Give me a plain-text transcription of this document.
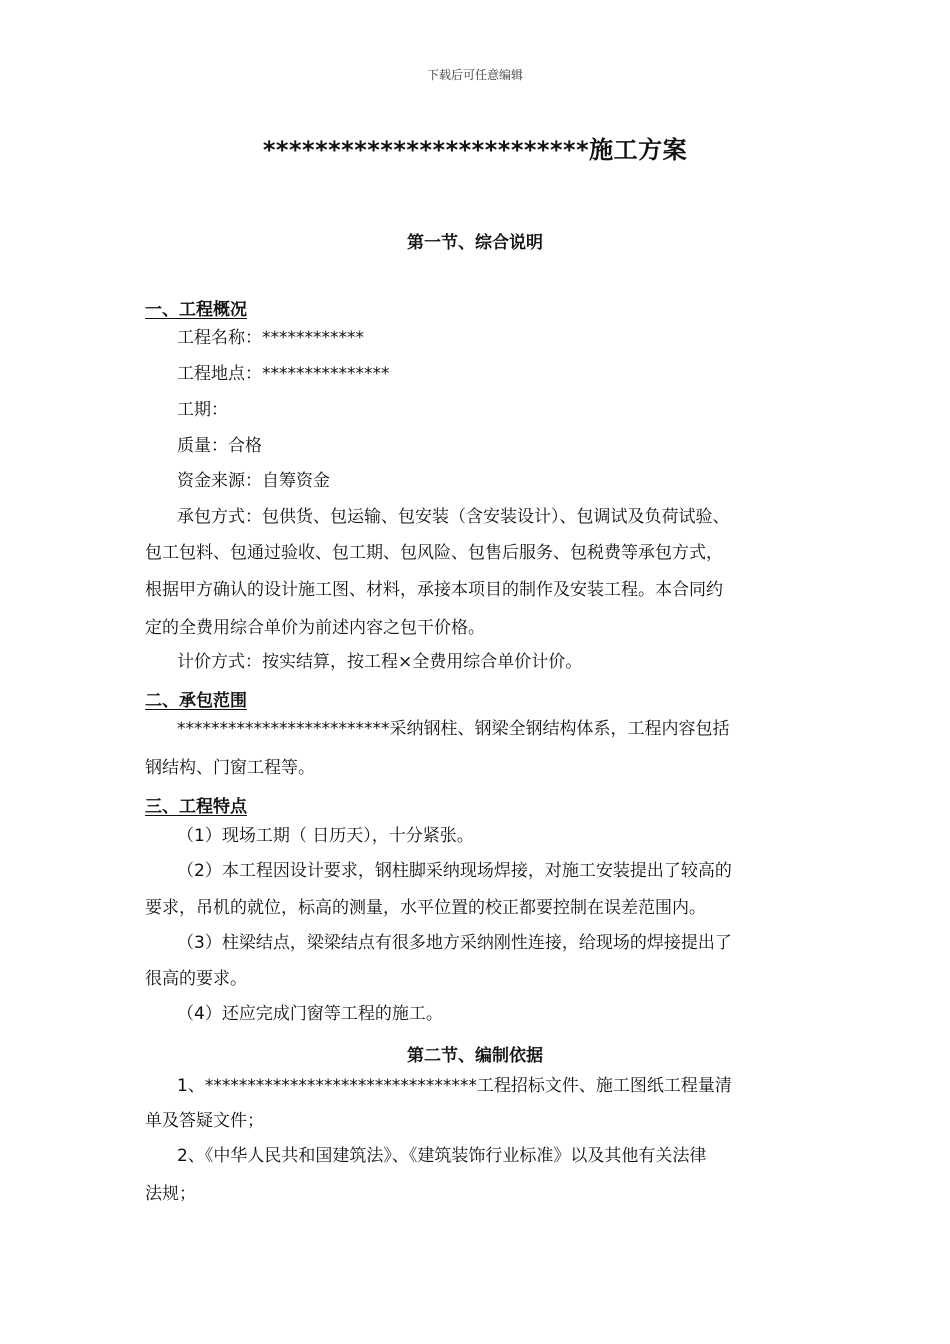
下载后可任意编辑
*************************施工方案
第一节、综合说明
一、工程概况
工程名称：************
工程地点：***************
工期：
质量：合格
资金来源：自筹资金
承包方式：包供货、包运输、包安装（含安装设计）、包调试及负荷试验、
包工包料、包通过验收、包工期、包风险、包售后服务、包税费等承包方式，
根据甲方确认的设计施工图、材料，承接本项目的制作及安装工程。本合同约
定的全费用综合单价为前述内容之包干价格。
计价方式：按实结算，按工程×全费用综合单价计价。
二、承包范围
*************************采纳钢柱、钢梁全钢结构体系，工程内容包括
钢结构、门窗工程等。
三、工程特点
（1）现场工期（ 日历天），十分紧张。
（2）本工程因设计要求，钢柱脚采纳现场焊接，对施工安装提出了较高的
要求，吊机的就位，标高的测量，水平位置的校正都要控制在误差范围内。
（3）柱梁结点，梁梁结点有很多地方采纳刚性连接，给现场的焊接提出了
很高的要求。
（4）还应完成门窗等工程的施工。
第二节、编制依据
1、********************************工程招标文件、施工图纸工程量清
单及答疑文件；
2、《中华人民共和国建筑法》、《建筑装饰行业标准》以及其他有关法律
法规；
